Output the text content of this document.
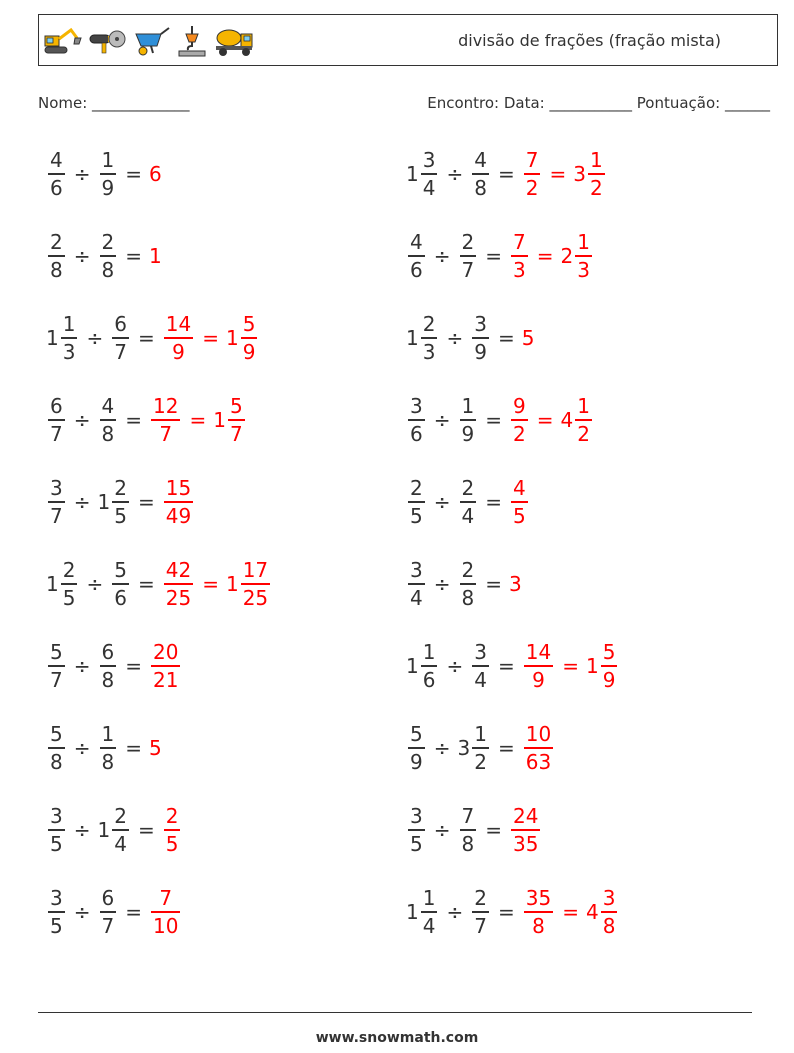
divisão de frações (fração mista)
Nome: _____________	Encontro: Data: ___________ Pontuação: ______
$\frac{4}{6} \div \frac{1}{9} = 6$	$1 \frac{3}{4} \div \frac{4}{8} = \frac{7}{2} = 3 \frac{1}{2}$
$\frac{2}{8} \div \frac{2}{8} = 1$	$\frac{4}{6} \div \frac{2}{7} = \frac{7}{3} = 2 \frac{1}{3}$
$1 \frac{1}{3} \div \frac{6}{7} = \frac{14}{9} = 1 \frac{5}{9}$	$1 \frac{2}{3} \div \frac{3}{9} = 5$
$\frac{6}{7} \div \frac{4}{8} = \frac{12}{7} = 1 \frac{5}{7}$	$\frac{3}{6} \div \frac{1}{9} = \frac{9}{2} = 4 \frac{1}{2}$
$\frac{3}{7} \div 1 \frac{2}{5} = \frac{15}{49}$	$\frac{2}{5} \div \frac{2}{4} = \frac{4}{5}$
$1 \frac{2}{5} \div \frac{5}{6} = \frac{42}{25} = 1 \frac{17}{25}$	$\frac{3}{4} \div \frac{2}{8} = 3$
$\frac{5}{7} \div \frac{6}{8} = \frac{20}{21}$	$1 \frac{1}{6} \div \frac{3}{4} = \frac{14}{9} = 1 \frac{5}{9}$
$\frac{5}{8} \div \frac{1}{8} = 5$	$\frac{5}{9} \div 3 \frac{1}{2} = \frac{10}{63}$
$\frac{3}{5} \div 1 \frac{2}{4} = \frac{2}{5}$	$\frac{3}{5} \div \frac{7}{8} = \frac{24}{35}$
$\frac{3}{5} \div \frac{6}{7} = \frac{7}{10}$	$1 \frac{1}{4} \div \frac{2}{7} = \frac{35}{8} = 4 \frac{3}{8}$
www.snowmath.com
